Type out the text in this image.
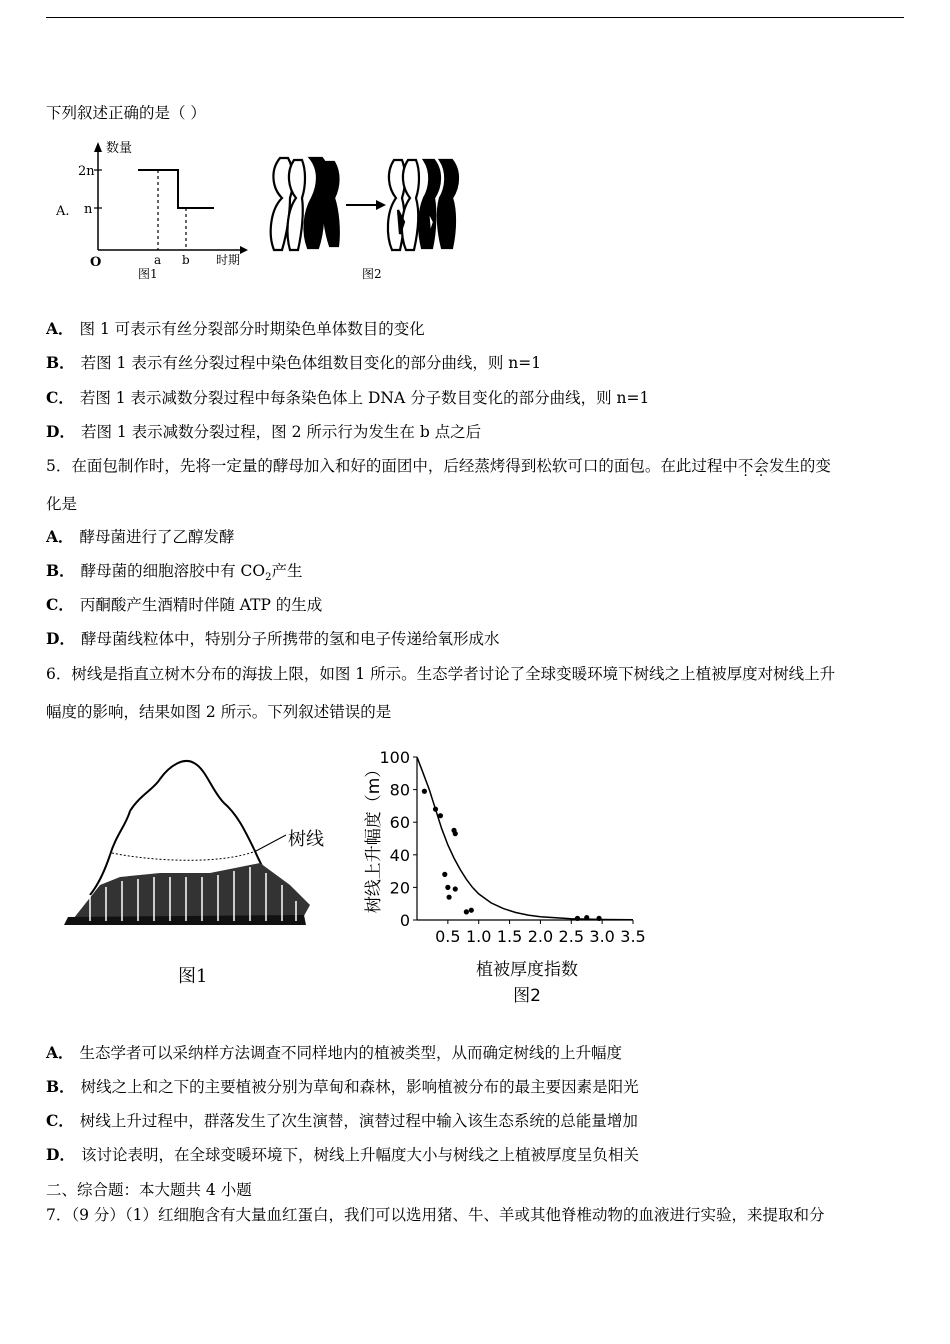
下列叙述正确的是（ ）
数量
2n
n
A.
O	a b 时期
图1	图2
A． 图 1 可表示有丝分裂部分时期染色单体数目的变化
B． 若图 1 表示有丝分裂过程中染色体组数目变化的部分曲线，则 n=1
C． 若图 1 表示减数分裂过程中每条染色体上 DNA 分子数目变化的部分曲线，则 n=1
D． 若图 1 表示减数分裂过程，图 2 所示行为发生在 b 点之后
5．在面包制作时，先将一定量的酵母加入和好的面团中，后经蒸烤得到松软可口的面包。在此过程中不会发生的变
化是
A． 酵母菌进行了乙醇发酵
B． 酵母菌的细胞溶胶中有 $CO_2$产生
C． 丙酮酸产生酒精时伴随 ATP 的生成
D． 酵母菌线粒体中，特别分子所携带的氢和电子传递给氧形成水
6．树线是指直立树木分布的海拔上限，如图 1 所示。生态学者讨论了全球变暖环境下树线之上植被厚度对树线上升
幅度的影响，结果如图 2 所示。下列叙述错误的是
树线
图1
0
20
40
60
80
100
0.5 1.0 1.5 2.0 2.5 3.0 3.5
树线上升幅度（m）
植被厚度指数
图2
A． 生态学者可以采纳样方法调查不同样地内的植被类型，从而确定树线的上升幅度
B． 树线之上和之下的主要植被分别为草甸和森林，影响植被分布的最主要因素是阳光
C． 树线上升过程中，群落发生了次生演替，演替过程中输入该生态系统的总能量增加
D． 该讨论表明，在全球变暖环境下，树线上升幅度大小与树线之上植被厚度呈负相关
二、综合题：本大题共 4 小题
7．（9 分）（1）红细胞含有大量血红蛋白，我们可以选用猪、牛、羊或其他脊椎动物的血液进行实验，来提取和分
